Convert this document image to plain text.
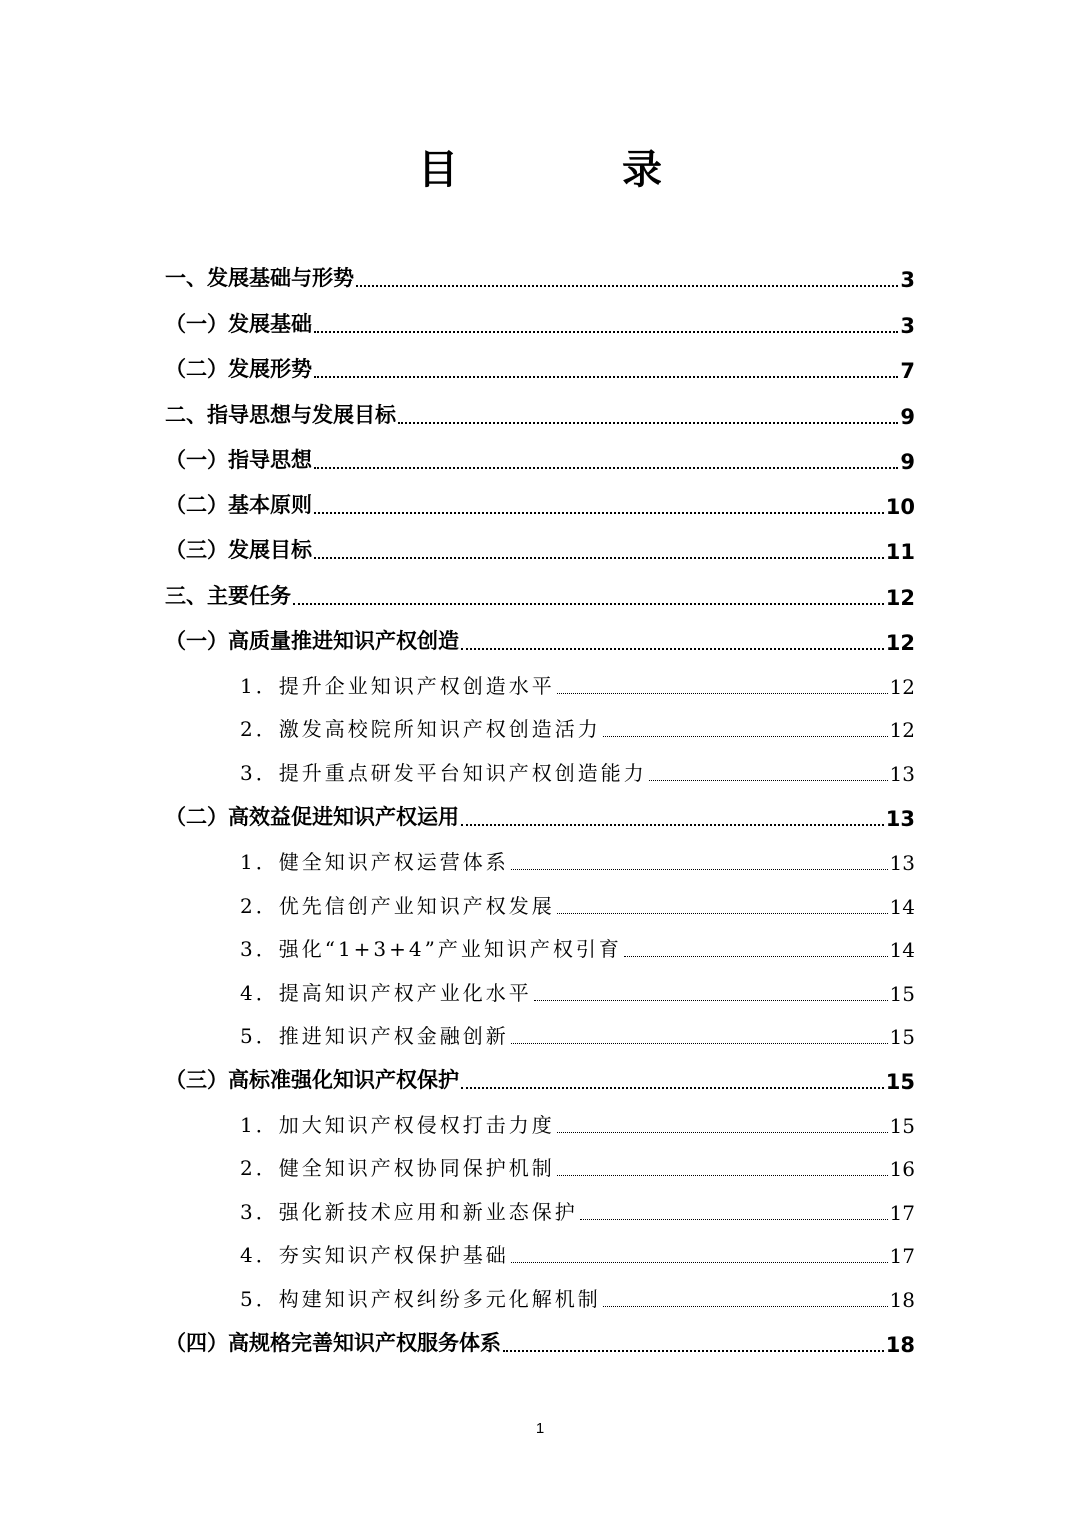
目　录
一、发展基础与形势	3
（一）发展基础	3
（二）发展形势	7
二、指导思想与发展目标	9
（一）指导思想	9
（二）基本原则	10
（三）发展目标	11
三、主要任务	12
（一）高质量推进知识产权创造	12
1．提升企业知识产权创造水平	12
2．激发高校院所知识产权创造活力	12
3．提升重点研发平台知识产权创造能力	13
（二）高效益促进知识产权运用	13
1．健全知识产权运营体系	13
2．优先信创产业知识产权发展	14
3．强化“1+3+4”产业知识产权引育	14
4．提高知识产权产业化水平	15
5．推进知识产权金融创新	15
（三）高标准强化知识产权保护	15
1．加大知识产权侵权打击力度	15
2．健全知识产权协同保护机制	16
3．强化新技术应用和新业态保护	17
4．夯实知识产权保护基础	17
5．构建知识产权纠纷多元化解机制	18
（四）高规格完善知识产权服务体系	18
1
